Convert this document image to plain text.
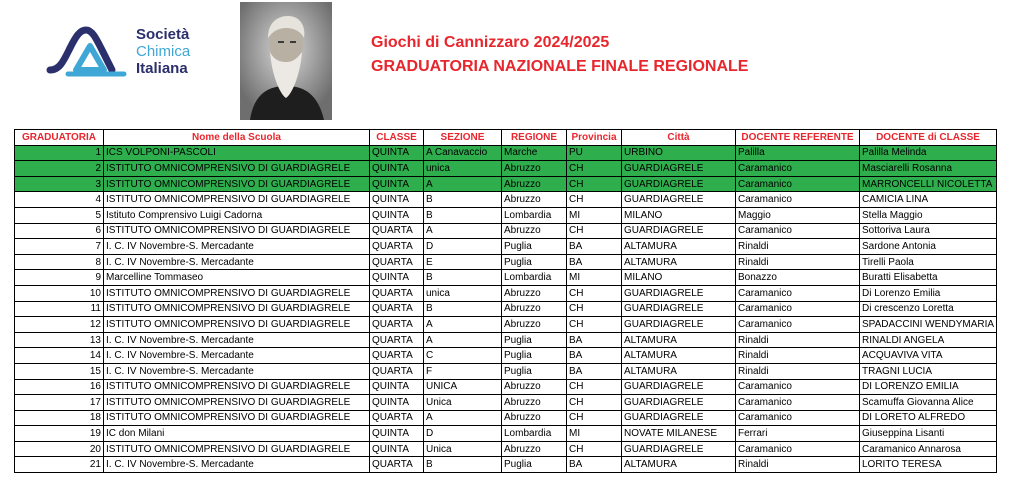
Società
Chimica
Italiana
Giochi di Cannizzaro 2024/2025
GRADUATORIA NAZIONALE FINALE REGIONALE
GRADUATORIA	Nome della Scuola	CLASSE	SEZIONE	REGIONE	Provincia	Città	DOCENTE REFERENTE	DOCENTE di CLASSE
1	ICS VOLPONI-PASCOLI	QUINTA	A Canavaccio	Marche	PU	URBINO	Palilla	Palilla Melinda
2	ISTITUTO OMNICOMPRENSIVO DI GUARDIAGRELE	QUINTA	unica	Abruzzo	CH	GUARDIAGRELE	Caramanico	Masciarelli Rosanna
3	ISTITUTO OMNICOMPRENSIVO DI GUARDIAGRELE	QUINTA	A	Abruzzo	CH	GUARDIAGRELE	Caramanico	MARRONCELLI NICOLETTA
4	ISTITUTO OMNICOMPRENSIVO DI GUARDIAGRELE	QUINTA	B	Abruzzo	CH	GUARDIAGRELE	Caramanico	CAMICIA LINA
5	Istituto Comprensivo Luigi Cadorna	QUINTA	B	Lombardia	MI	MILANO	Maggio	Stella Maggio
6	ISTITUTO OMNICOMPRENSIVO DI GUARDIAGRELE	QUARTA	A	Abruzzo	CH	GUARDIAGRELE	Caramanico	Sottoriva Laura
7	I. C. IV Novembre-S. Mercadante	QUARTA	D	Puglia	BA	ALTAMURA	Rinaldi	Sardone Antonia
8	I. C. IV Novembre-S. Mercadante	QUARTA	E	Puglia	BA	ALTAMURA	Rinaldi	Tirelli Paola
9	Marcelline Tommaseo	QUINTA	B	Lombardia	MI	MILANO	Bonazzo	Buratti Elisabetta
10	ISTITUTO OMNICOMPRENSIVO DI GUARDIAGRELE	QUARTA	unica	Abruzzo	CH	GUARDIAGRELE	Caramanico	Di Lorenzo Emilia
11	ISTITUTO OMNICOMPRENSIVO DI GUARDIAGRELE	QUARTA	B	Abruzzo	CH	GUARDIAGRELE	Caramanico	Di crescenzo Loretta
12	ISTITUTO OMNICOMPRENSIVO DI GUARDIAGRELE	QUARTA	A	Abruzzo	CH	GUARDIAGRELE	Caramanico	SPADACCINI WENDYMARIA
13	I. C. IV Novembre-S. Mercadante	QUARTA	A	Puglia	BA	ALTAMURA	Rinaldi	RINALDI ANGELA
14	I. C. IV Novembre-S. Mercadante	QUARTA	C	Puglia	BA	ALTAMURA	Rinaldi	ACQUAVIVA VITA
15	I. C. IV Novembre-S. Mercadante	QUARTA	F	Puglia	BA	ALTAMURA	Rinaldi	TRAGNI LUCIA
16	ISTITUTO OMNICOMPRENSIVO DI GUARDIAGRELE	QUINTA	UNICA	Abruzzo	CH	GUARDIAGRELE	Caramanico	DI LORENZO EMILIA
17	ISTITUTO OMNICOMPRENSIVO DI GUARDIAGRELE	QUINTA	Unica	Abruzzo	CH	GUARDIAGRELE	Caramanico	Scamuffa Giovanna Alice
18	ISTITUTO OMNICOMPRENSIVO DI GUARDIAGRELE	QUARTA	A	Abruzzo	CH	GUARDIAGRELE	Caramanico	DI LORETO ALFREDO
19	IC don Milani	QUINTA	D	Lombardia	MI	NOVATE MILANESE	Ferrari	Giuseppina Lisanti
20	ISTITUTO OMNICOMPRENSIVO DI GUARDIAGRELE	QUINTA	Unica	Abruzzo	CH	GUARDIAGRELE	Caramanico	Caramanico Annarosa
21	I. C. IV Novembre-S. Mercadante	QUARTA	B	Puglia	BA	ALTAMURA	Rinaldi	LORITO TERESA
